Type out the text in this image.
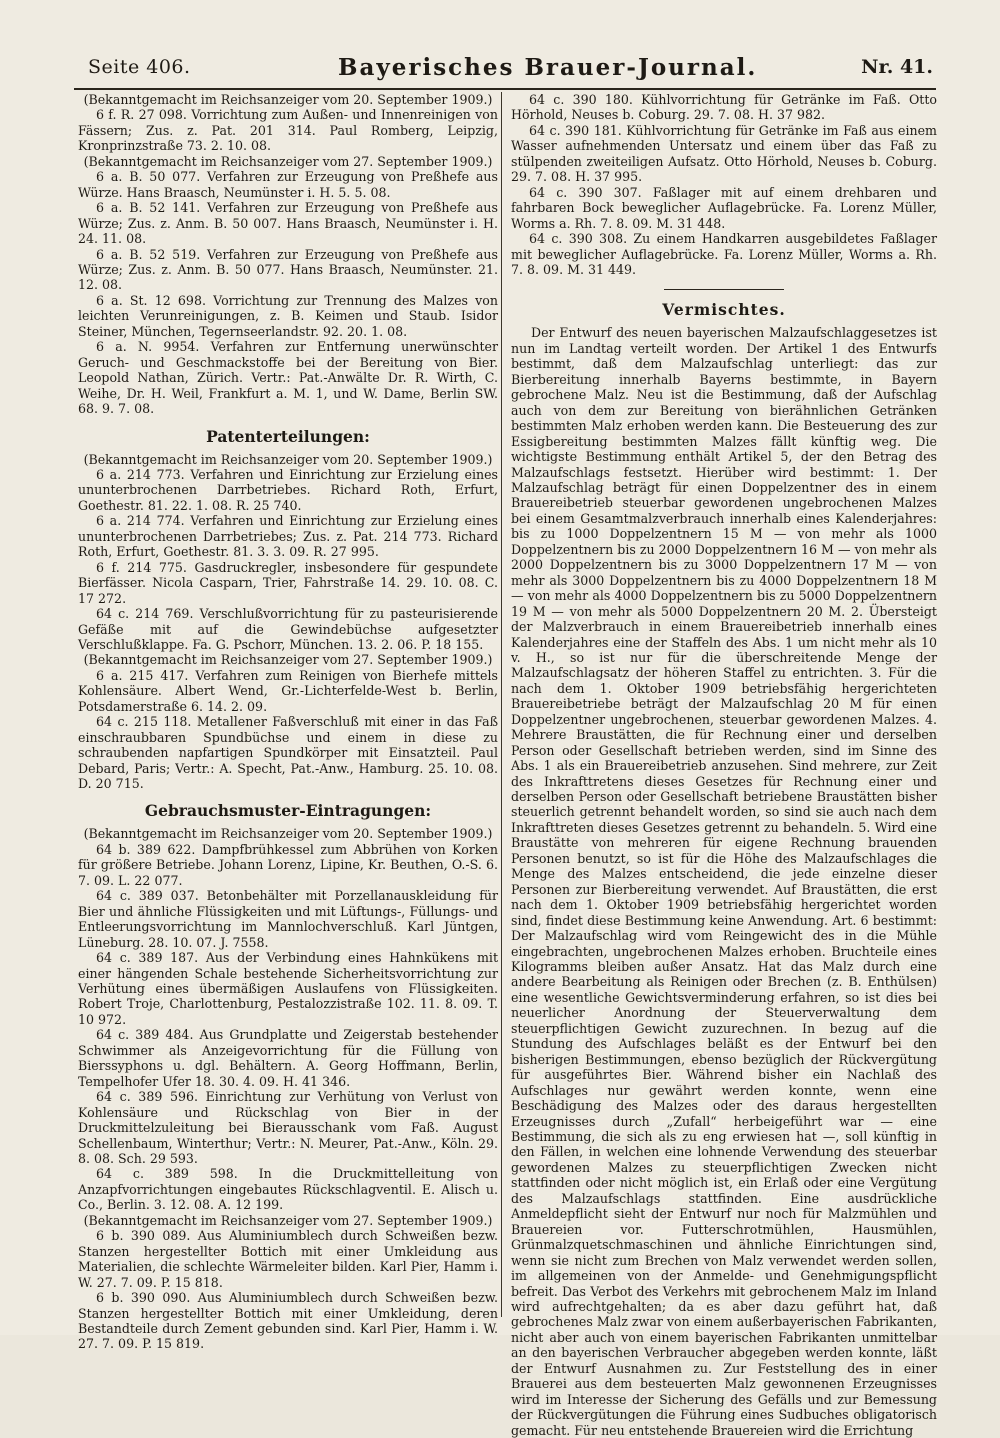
Seite 406.	Bayerisches Brauer-Journal.	Nr. 41.

(Bekanntgemacht im Reichsanzeiger vom 20. September 1909.)

6 f. R. 27 098. Vorrichtung zum Außen- und Innenreinigen von Fässern; Zus. z. Pat. 201 314. Paul Romberg, Leipzig, Kronprinzstraße 73. 2. 10. 08.

(Bekanntgemacht im Reichsanzeiger vom 27. September 1909.)

6 a. B. 50 077. Verfahren zur Erzeugung von Preßhefe aus Würze. Hans Braasch, Neumünster i. H. 5. 5. 08.

6 a. B. 52 141. Verfahren zur Erzeugung von Preßhefe aus Würze; Zus. z. Anm. B. 50 007. Hans Braasch, Neumünster i. H. 24. 11. 08.

6 a. B. 52 519. Verfahren zur Erzeugung von Preßhefe aus Würze; Zus. z. Anm. B. 50 077. Hans Braasch, Neumünster. 21. 12. 08.

6 a. St. 12 698. Vorrichtung zur Trennung des Malzes von leichten Verunreinigungen, z. B. Keimen und Staub. Isidor Steiner, München, Tegernseerlandstr. 92. 20. 1. 08.

6 a. N. 9954. Verfahren zur Entfernung unerwünschter Geruch- und Geschmackstoffe bei der Bereitung von Bier. Leopold Nathan, Zürich. Vertr.: Pat.-Anwälte Dr. R. Wirth, C. Weihe, Dr. H. Weil, Frankfurt a. M. 1, und W. Dame, Berlin SW. 68. 9. 7. 08.

Patenterteilungen:

(Bekanntgemacht im Reichsanzeiger vom 20. September 1909.)

6 a. 214 773. Verfahren und Einrichtung zur Erzielung eines ununterbrochenen Darrbetriebes. Richard Roth, Erfurt, Goethestr. 81. 22. 1. 08. R. 25 740.

6 a. 214 774. Verfahren und Einrichtung zur Erzielung eines ununterbrochenen Darrbetriebes; Zus. z. Pat. 214 773. Richard Roth, Erfurt, Goethestr. 81. 3. 3. 09. R. 27 995.

6 f. 214 775. Gasdruckregler, insbesondere für gespundete Bierfässer. Nicola Casparn, Trier, Fahrstraße 14. 29. 10. 08. C. 17 272.

64 c. 214 769. Verschlußvorrichtung für zu pasteurisierende Gefäße mit auf die Gewindebüchse aufgesetzter Verschlußklappe. Fa. G. Pschorr, München. 13. 2. 06. P. 18 155.

(Bekanntgemacht im Reichsanzeiger vom 27. September 1909.)

6 a. 215 417. Verfahren zum Reinigen von Bierhefe mittels Kohlensäure. Albert Wend, Gr.-Lichterfelde-West b. Berlin, Potsdamerstraße 6. 14. 2. 09.

64 c. 215 118. Metallener Faßverschluß mit einer in das Faß einschraubbaren Spundbüchse und einem in diese zu schraubenden napfartigen Spundkörper mit Einsatzteil. Paul Debard, Paris; Vertr.: A. Specht, Pat.-Anw., Hamburg. 25. 10. 08. D. 20 715.

Gebrauchsmuster-Eintragungen:

(Bekanntgemacht im Reichsanzeiger vom 20. September 1909.)

64 b. 389 622. Dampfbrühkessel zum Abbrühen von Korken für größere Betriebe. Johann Lorenz, Lipine, Kr. Beuthen, O.-S. 6. 7. 09. L. 22 077.

64 c. 389 037. Betonbehälter mit Porzellanauskleidung für Bier und ähnliche Flüssigkeiten und mit Lüftungs-, Füllungs- und Entleerungsvorrichtung im Mannlochverschluß. Karl Jüntgen, Lüneburg. 28. 10. 07. J. 7558.

64 c. 389 187. Aus der Verbindung eines Hahnkükens mit einer hängenden Schale bestehende Sicherheitsvorrichtung zur Verhütung eines übermäßigen Auslaufens von Flüssigkeiten. Robert Troje, Charlottenburg, Pestalozzistraße 102. 11. 8. 09. T. 10 972.

64 c. 389 484. Aus Grundplatte und Zeigerstab bestehender Schwimmer als Anzeigevorrichtung für die Füllung von Bierssyphons u. dgl. Behältern. A. Georg Hoffmann, Berlin, Tempelhofer Ufer 18. 30. 4. 09. H. 41 346.

64 c. 389 596. Einrichtung zur Verhütung von Verlust von Kohlensäure und Rückschlag von Bier in der Druckmittelzuleitung bei Bierausschank vom Faß. August Schellenbaum, Winterthur; Vertr.: N. Meurer, Pat.-Anw., Köln. 29. 8. 08. Sch. 29 593.

64 c. 389 598. In die Druckmittelleitung von Anzapfvorrichtungen eingebautes Rückschlagventil. E. Alisch u. Co., Berlin. 3. 12. 08. A. 12 199.

(Bekanntgemacht im Reichsanzeiger vom 27. September 1909.)

6 b. 390 089. Aus Aluminiumblech durch Schweißen bezw. Stanzen hergestellter Bottich mit einer Umkleidung aus Materialien, die schlechte Wärmeleiter bilden. Karl Pier, Hamm i. W. 27. 7. 09. P. 15 818.

6 b. 390 090. Aus Aluminiumblech durch Schweißen bezw. Stanzen hergestellter Bottich mit einer Umkleidung, deren Bestandteile durch Zement gebunden sind. Karl Pier, Hamm i. W. 27. 7. 09. P. 15 819.

64 c. 390 180. Kühlvorrichtung für Getränke im Faß. Otto Hörhold, Neuses b. Coburg. 29. 7. 08. H. 37 982.

64 c. 390 181. Kühlvorrichtung für Getränke im Faß aus einem Wasser aufnehmenden Untersatz und einem über das Faß zu stülpenden zweiteiligen Aufsatz. Otto Hörhold, Neuses b. Coburg. 29. 7. 08. H. 37 995.

64 c. 390 307. Faßlager mit auf einem drehbaren und fahrbaren Bock beweglicher Auflagebrücke. Fa. Lorenz Müller, Worms a. Rh. 7. 8. 09. M. 31 448.

64 c. 390 308. Zu einem Handkarren ausgebildetes Faßlager mit beweglicher Auflagebrücke. Fa. Lorenz Müller, Worms a. Rh. 7. 8. 09. M. 31 449.

Vermischtes.

Der Entwurf des neuen bayerischen Malzaufschlaggesetzes ist nun im Landtag verteilt worden. Der Artikel 1 des Entwurfs bestimmt, daß dem Malzaufschlag unterliegt: das zur Bierbereitung innerhalb Bayerns bestimmte, in Bayern gebrochene Malz. Neu ist die Bestimmung, daß der Aufschlag auch von dem zur Bereitung von bierähnlichen Getränken bestimmten Malz erhoben werden kann. Die Besteuerung des zur Essigbereitung bestimmten Malzes fällt künftig weg. Die wichtigste Bestimmung enthält Artikel 5, der den Betrag des Malzaufschlags festsetzt. Hierüber wird bestimmt: 1. Der Malzaufschlag beträgt für einen Doppelzentner des in einem Brauereibetrieb steuerbar gewordenen ungebrochenen Malzes bei einem Gesamtmalzverbrauch innerhalb eines Kalenderjahres: bis zu 1000 Doppelzentnern 15 M — von mehr als 1000 Doppelzentnern bis zu 2000 Doppelzentnern 16 M — von mehr als 2000 Doppelzentnern bis zu 3000 Doppelzentnern 17 M — von mehr als 3000 Doppelzentnern bis zu 4000 Doppelzentnern 18 M — von mehr als 4000 Doppelzentnern bis zu 5000 Doppelzentnern 19 M — von mehr als 5000 Doppelzentnern 20 M. 2. Übersteigt der Malzverbrauch in einem Brauereibetrieb innerhalb eines Kalenderjahres eine der Staffeln des Abs. 1 um nicht mehr als 10 v. H., so ist nur für die überschreitende Menge der Malzaufschlagsatz der höheren Staffel zu entrichten. 3. Für die nach dem 1. Oktober 1909 betriebsfähig hergerichteten Brauereibetriebe beträgt der Malzaufschlag 20 M für einen Doppelzentner ungebrochenen, steuerbar gewordenen Malzes. 4. Mehrere Braustätten, die für Rechnung einer und derselben Person oder Gesellschaft betrieben werden, sind im Sinne des Abs. 1 als ein Brauereibetrieb anzusehen. Sind mehrere, zur Zeit des Inkrafttretens dieses Gesetzes für Rechnung einer und derselben Person oder Gesellschaft betriebene Braustätten bisher steuerlich getrennt behandelt worden, so sind sie auch nach dem Inkrafttreten dieses Gesetzes getrennt zu behandeln. 5. Wird eine Braustätte von mehreren für eigene Rechnung brauenden Personen benutzt, so ist für die Höhe des Malzaufschlages die Menge des Malzes entscheidend, die jede einzelne dieser Personen zur Bierbereitung verwendet. Auf Braustätten, die erst nach dem 1. Oktober 1909 betriebsfähig hergerichtet worden sind, findet diese Bestimmung keine Anwendung. Art. 6 bestimmt: Der Malzaufschlag wird vom Reingewicht des in die Mühle eingebrachten, ungebrochenen Malzes erhoben. Bruchteile eines Kilogramms bleiben außer Ansatz. Hat das Malz durch eine andere Bearbeitung als Reinigen oder Brechen (z. B. Enthülsen) eine wesentliche Gewichtsverminderung erfahren, so ist dies bei neuerlicher Anordnung der Steuerverwaltung dem steuerpflichtigen Gewicht zuzurechnen. In bezug auf die Stundung des Aufschlages beläßt es der Entwurf bei den bisherigen Bestimmungen, ebenso bezüglich der Rückvergütung für ausgeführtes Bier. Während bisher ein Nachlaß des Aufschlages nur gewährt werden konnte, wenn eine Beschädigung des Malzes oder des daraus hergestellten Erzeugnisses durch „Zufall“ herbeigeführt war — eine Bestimmung, die sich als zu eng erwiesen hat —, soll künftig in den Fällen, in welchen eine lohnende Verwendung des steuerbar gewordenen Malzes zu steuerpflichtigen Zwecken nicht stattfinden oder nicht möglich ist, ein Erlaß oder eine Vergütung des Malzaufschlags stattfinden. Eine ausdrückliche Anmeldepflicht sieht der Entwurf nur noch für Malzmühlen und Brauereien vor. Futterschrotmühlen, Hausmühlen, Grünmalzquetschmaschinen und ähnliche Einrichtungen sind, wenn sie nicht zum Brechen von Malz verwendet werden sollen, im allgemeinen von der Anmelde- und Genehmigungspflicht befreit. Das Verbot des Verkehrs mit gebrochenem Malz im Inland wird aufrechtgehalten; da es aber dazu geführt hat, daß gebrochenes Malz zwar von einem außerbayerischen Fabrikanten, nicht aber auch von einem bayerischen Fabrikanten unmittelbar an den bayerischen Verbraucher abgegeben werden konnte, läßt der Entwurf Ausnahmen zu. Zur Feststellung des in einer Brauerei aus dem besteuerten Malz gewonnenen Erzeugnisses wird im Interesse der Sicherung des Gefälls und zur Bemessung der Rückvergütungen die Führung eines Sudbuches obligatorisch gemacht. Für neu entstehende Brauereien wird die Errichtung
